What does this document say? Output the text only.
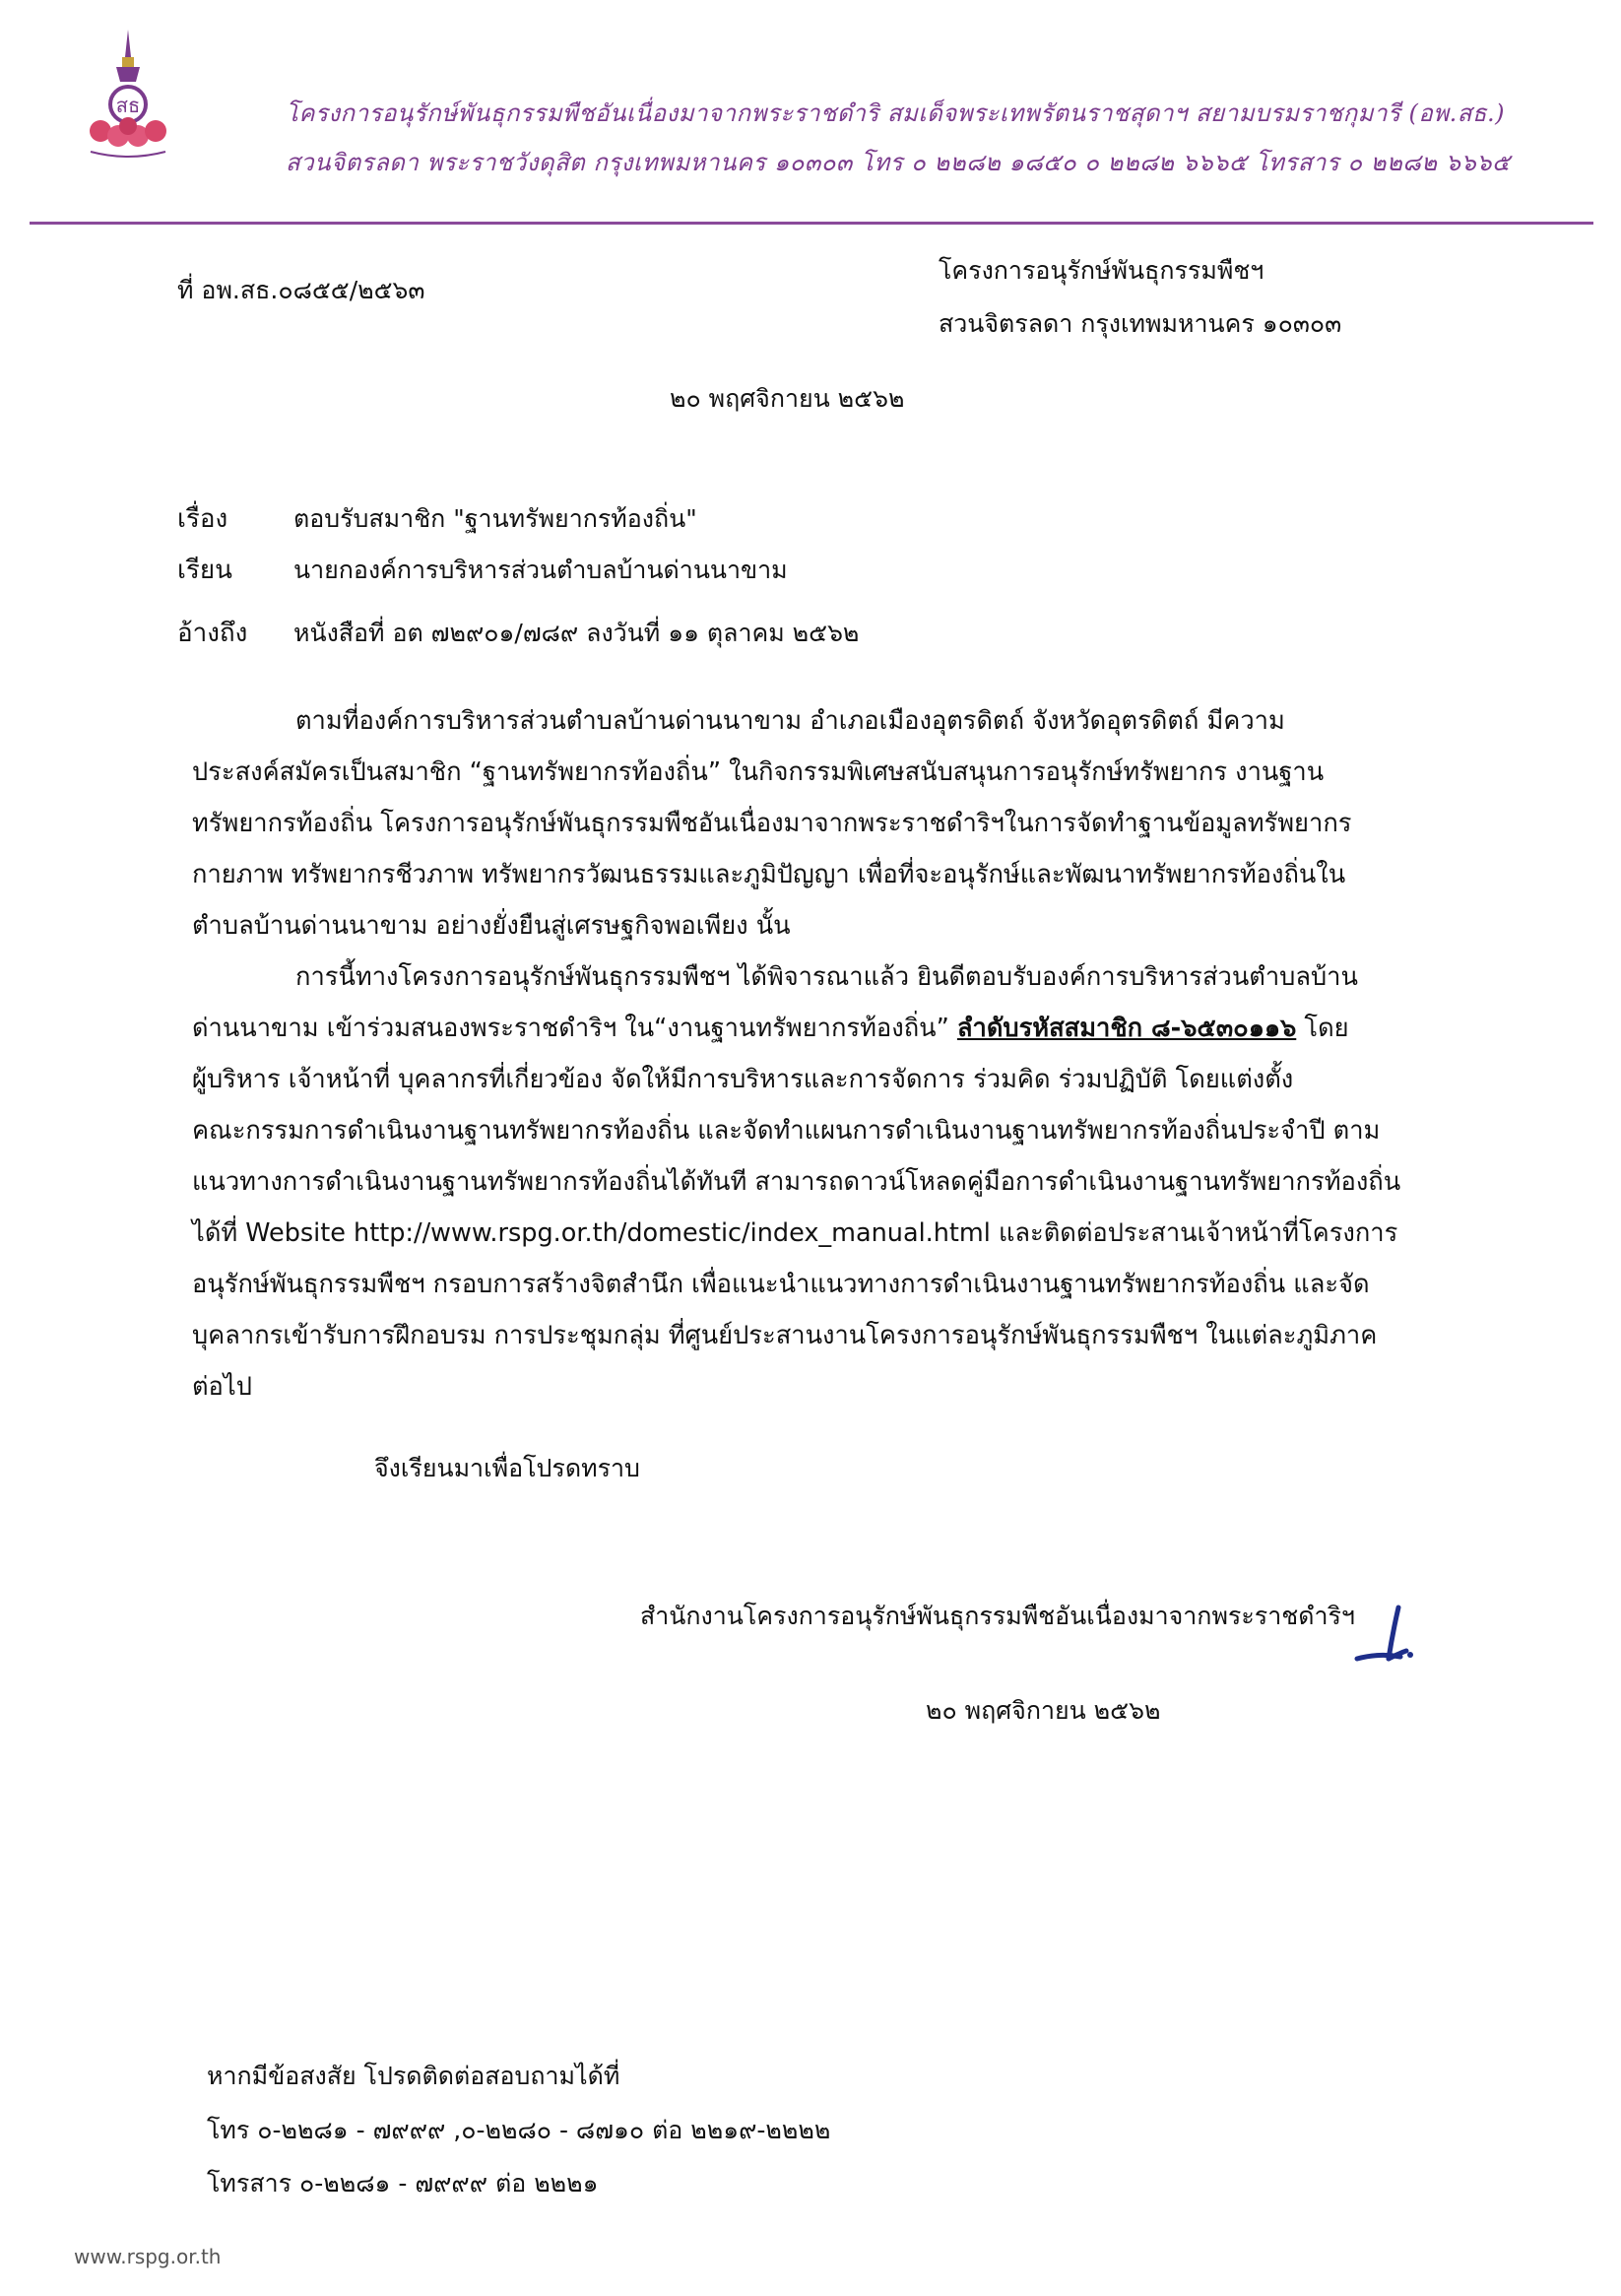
สธ	โครงการอนุรักษ์พันธุกรรมพืชอันเนื่องมาจากพระราชดำริ สมเด็จพระเทพรัตนราชสุดาฯ สยามบรมราชกุมารี (อพ.สธ.)
สวนจิตรลดา พระราชวังดุสิต กรุงเทพมหานคร ๑๐๓๐๓ โทร ๐ ๒๒๘๒ ๑๘๕๐ ๐ ๒๒๘๒ ๖๖๖๕ โทรสาร ๐ ๒๒๘๒ ๖๖๖๕
ที่ อพ.สธ.๐๘๕๕/๒๕๖๓
โครงการอนุรักษ์พันธุกรรมพืชฯ
สวนจิตรลดา กรุงเทพมหานคร ๑๐๓๐๓
๒๐ พฤศจิกายน ๒๕๖๒
เรื่อง	ตอบรับสมาชิก "ฐานทรัพยากรท้องถิ่น"
เรียน นายกองค์การบริหารส่วนตำบลบ้านด่านนาขาม
อ้างถึง หนังสือที่ อต ๗๒๙๐๑/๗๘๙ ลงวันที่ ๑๑ ตุลาคม ๒๕๖๒
ตามที่องค์การบริหารส่วนตำบลบ้านด่านนาขาม อำเภอเมืองอุตรดิตถ์ จังหวัดอุตรดิตถ์ มีความ
ประสงค์สมัครเป็นสมาชิก “ฐานทรัพยากรท้องถิ่น” ในกิจกรรมพิเศษสนับสนุนการอนุรักษ์ทรัพยากร งานฐาน
ทรัพยากรท้องถิ่น โครงการอนุรักษ์พันธุกรรมพืชอันเนื่องมาจากพระราชดำริฯในการจัดทำฐานข้อมูลทรัพยากร
กายภาพ ทรัพยากรชีวภาพ ทรัพยากรวัฒนธรรมและภูมิปัญญา เพื่อที่จะอนุรักษ์และพัฒนาทรัพยากรท้องถิ่นใน
ตำบลบ้านด่านนาขาม อย่างยั่งยืนสู่เศรษฐกิจพอเพียง นั้น
การนี้ทางโครงการอนุรักษ์พันธุกรรมพืชฯ ได้พิจารณาแล้ว ยินดีตอบรับองค์การบริหารส่วนตำบลบ้าน
ด่านนาขาม เข้าร่วมสนองพระราชดำริฯ ใน“งานฐานทรัพยากรท้องถิ่น” ลำดับรหัสสมาชิก ๘-๖๕๓๐๑๑๖ โดย
ผู้บริหาร เจ้าหน้าที่ บุคลากรที่เกี่ยวข้อง จัดให้มีการบริหารและการจัดการ ร่วมคิด ร่วมปฏิบัติ โดยแต่งตั้ง
คณะกรรมการดำเนินงานฐานทรัพยากรท้องถิ่น และจัดทำแผนการดำเนินงานฐานทรัพยากรท้องถิ่นประจำปี ตาม
แนวทางการดำเนินงานฐานทรัพยากรท้องถิ่นได้ทันที สามารถดาวน์โหลดคู่มือการดำเนินงานฐานทรัพยากรท้องถิ่น
ได้ที่ Website http://www.rspg.or.th/domestic/index_manual.html และติดต่อประสานเจ้าหน้าที่โครงการ
อนุรักษ์พันธุกรรมพืชฯ กรอบการสร้างจิตสำนึก เพื่อแนะนำแนวทางการดำเนินงานฐานทรัพยากรท้องถิ่น และจัด
บุคลากรเข้ารับการฝึกอบรม การประชุมกลุ่ม ที่ศูนย์ประสานงานโครงการอนุรักษ์พันธุกรรมพืชฯ ในแต่ละภูมิภาค
ต่อไป
จึงเรียนมาเพื่อโปรดทราบ
สำนักงานโครงการอนุรักษ์พันธุกรรมพืชอันเนื่องมาจากพระราชดำริฯ
๒๐ พฤศจิกายน ๒๕๖๒
หากมีข้อสงสัย โปรดติดต่อสอบถามได้ที่
โทร ๐-๒๒๘๑ - ๗๙๙๙ ,๐-๒๒๘๐ - ๘๗๑๐ ต่อ ๒๒๑๙-๒๒๒๒
โทรสาร ๐-๒๒๘๑ - ๗๙๙๙ ต่อ ๒๒๒๑
www.rspg.or.th
